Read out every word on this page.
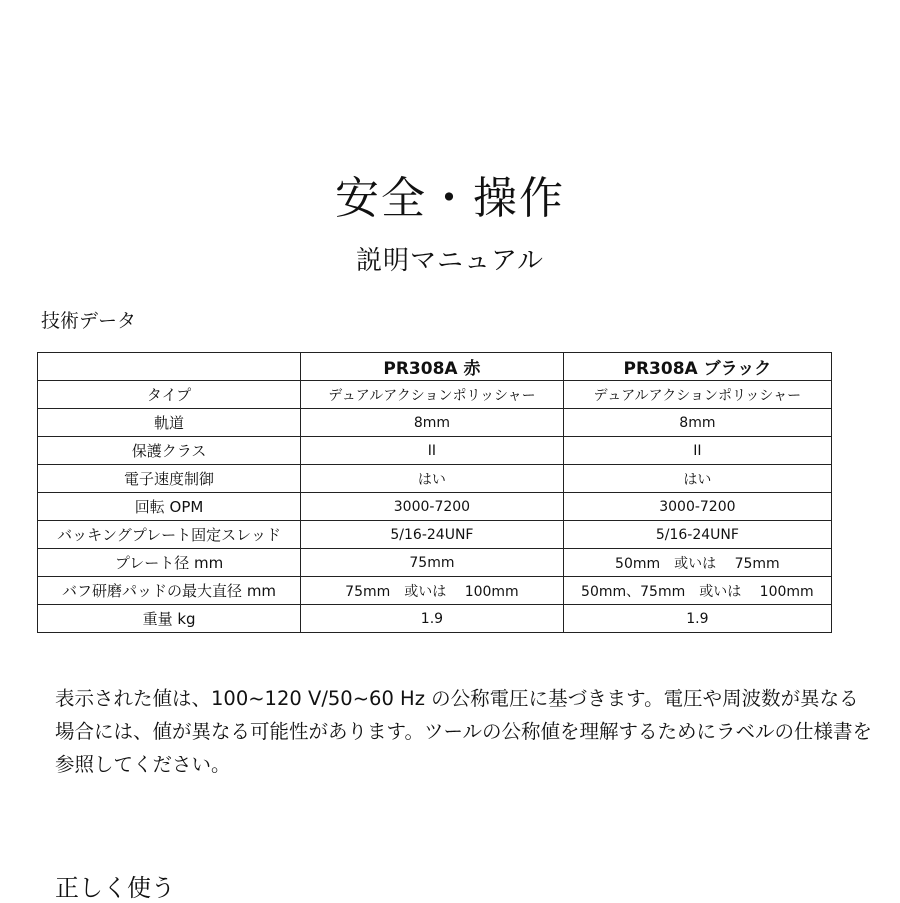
安全・操作
説明マニュアル
技術データ
	PR308A 赤	PR308A ブラック
タイプ	デュアルアクションポリッシャー	デュアルアクションポリッシャー
軌道	8mm	8mm
保護クラス	II	II
電子速度制御	はい	はい
回転 OPM	3000-7200	3000-7200
バッキングプレート固定スレッド	5/16-24UNF	5/16-24UNF
プレート径 mm	75mm	50mm　或いは　 75mm
バフ研磨パッドの最大直径 mm	75mm　或いは　 100mm	50mm、75mm　或いは　 100mm
重量 kg	1.9	1.9
表示された値は、100~120 V/50~60 Hz の公称電圧に基づきます。電圧や周波数が異なる場合には、値が異なる可能性があります。ツールの公称値を理解するためにラベルの仕様書を参照してください。
正しく使う
